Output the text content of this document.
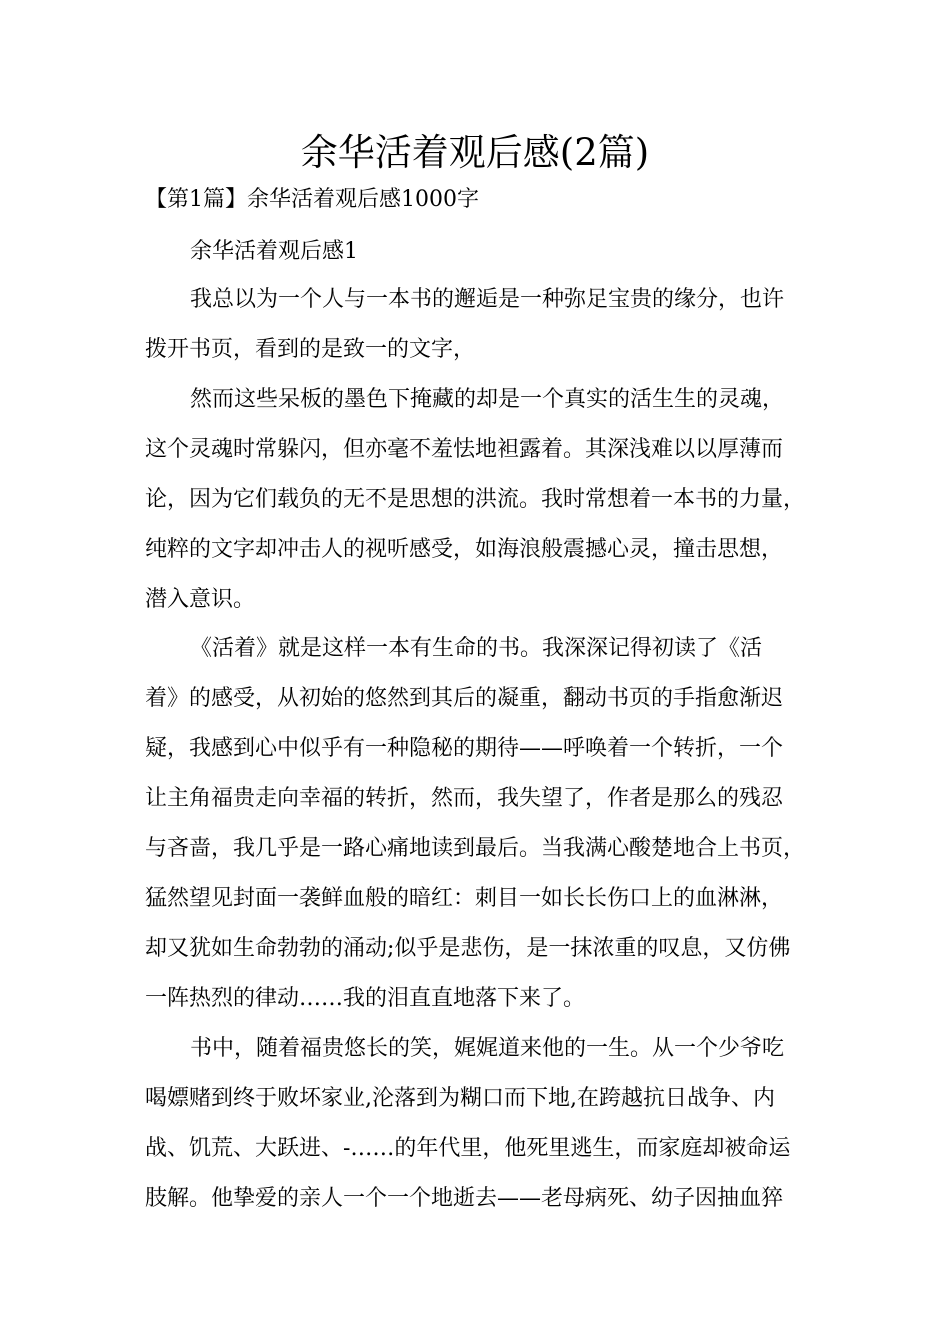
余华活着观后感(2篇)
【第1篇】余华活着观后感1000字
余华活着观后感1
我总以为一个人与一本书的邂逅是一种弥足宝贵的缘分，也许
拨开书页，看到的是致一的文字，
然而这些呆板的墨色下掩藏的却是一个真实的活生生的灵魂，
这个灵魂时常躲闪，但亦毫不羞怯地袒露着。其深浅难以以厚薄而
论，因为它们载负的无不是思想的洪流。我时常想着一本书的力量，
纯粹的文字却冲击人的视听感受，如海浪般震撼心灵，撞击思想，
潜入意识。
《活着》就是这样一本有生命的书。我深深记得初读了《活
着》的感受，从初始的悠然到其后的凝重，翻动书页的手指愈渐迟
疑，我感到心中似乎有一种隐秘的期待——呼唤着一个转折，一个
让主角福贵走向幸福的转折，然而，我失望了，作者是那么的残忍
与吝啬，我几乎是一路心痛地读到最后。当我满心酸楚地合上书页，
猛然望见封面一袭鲜血般的暗红：刺目一如长长伤口上的血淋淋，
却又犹如生命勃勃的涌动;似乎是悲伤，是一抹浓重的叹息，又仿佛
一阵热烈的律动……我的泪直直地落下来了。
书中，随着福贵悠长的笑，娓娓道来他的一生。从一个少爷吃
喝嫖赌到终于败坏家业,沦落到为糊口而下地,在跨越抗日战争、内
战、饥荒、大跃进、-……的年代里，他死里逃生，而家庭却被命运
肢解。他挚爱的亲人一个一个地逝去——老母病死、幼子因抽血猝
